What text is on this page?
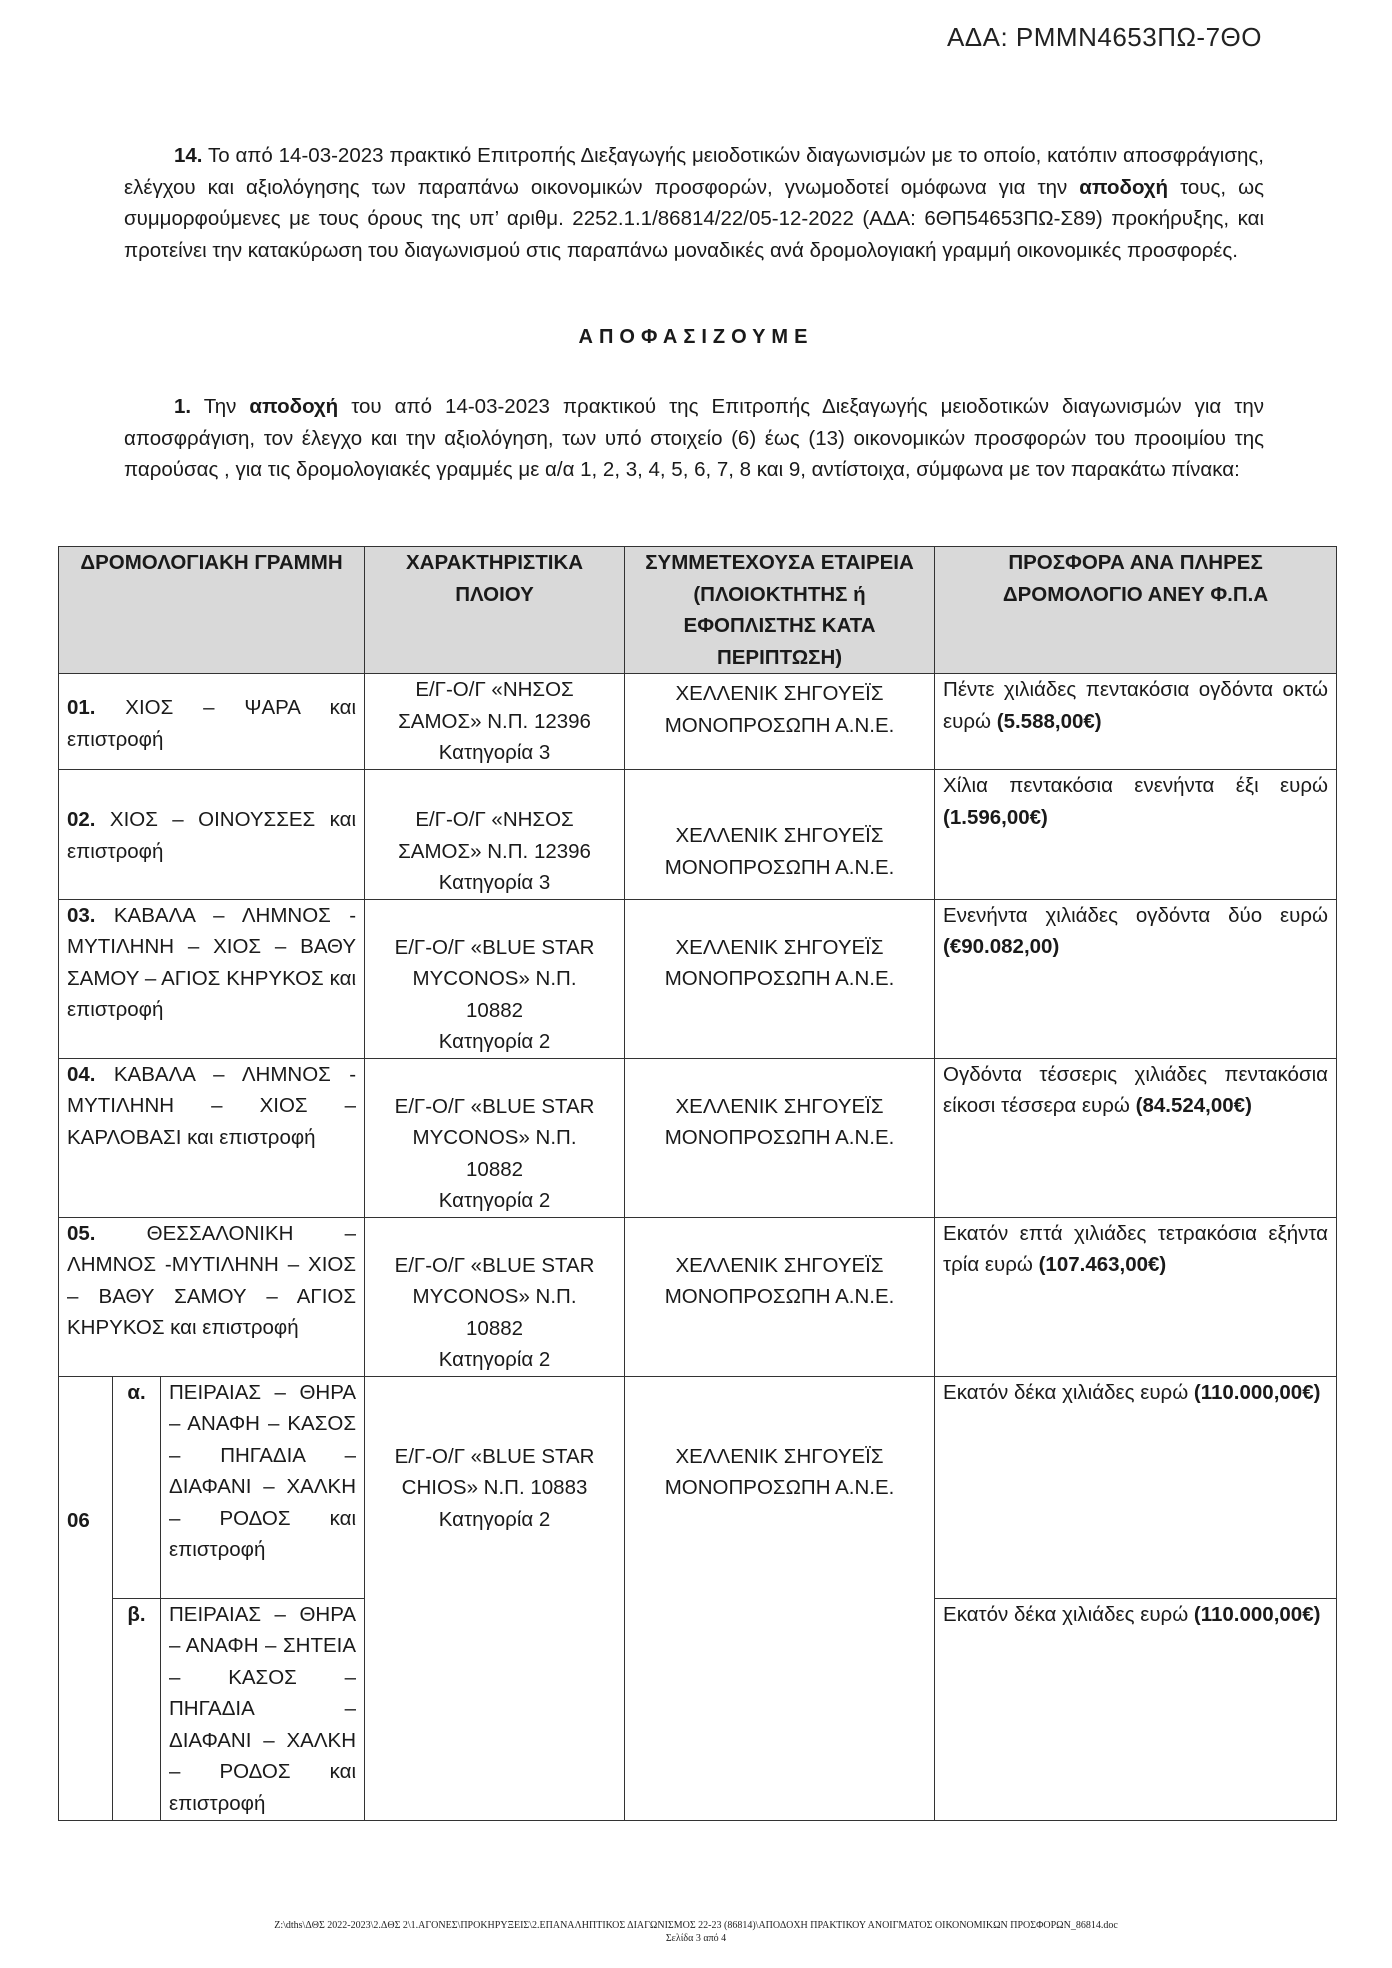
ΑΔΑ: ΡΜΜΝ4653ΠΩ-7ΘΟ
14. Το από 14-03-2023 πρακτικό Επιτροπής Διεξαγωγής μειοδοτικών διαγωνισμών με το οποίο, κατόπιν αποσφράγισης, ελέγχου και αξιολόγησης των παραπάνω οικονομικών προσφορών, γνωμοδοτεί ομόφωνα για την αποδοχή τους, ως συμμορφούμενες με τους όρους της υπ’ αριθμ. 2252.1.1/86814/22/05-12-2022 (ΑΔΑ: 6ΘΠ54653ΠΩ-Σ89) προκήρυξης, και προτείνει την κατακύρωση του διαγωνισμού στις παραπάνω μοναδικές ανά δρομολογιακή γραμμή οικονομικές προσφορές.
ΑΠΟΦΑΣΙΖΟΥΜΕ
1. Την αποδοχή του από 14-03-2023 πρακτικού της Επιτροπής Διεξαγωγής μειοδοτικών διαγωνισμών για την αποσφράγιση, τον έλεγχο και την αξιολόγηση, των υπό στοιχείο (6) έως (13) οικονομικών προσφορών του προοιμίου της παρούσας , για τις δρομολογιακές γραμμές με α/α 1, 2, 3, 4, 5, 6, 7, 8 και 9, αντίστοιχα, σύμφωνα με τον παρακάτω πίνακα:
ΔΡΟΜΟΛΟΓΙΑΚΗ ΓΡΑΜΜΗ			ΧΑΡΑΚΤΗΡΙΣΤΙΚΑ ΠΛΟΙΟΥ	ΣΥΜΜΕΤΕΧΟΥΣΑ ΕΤΑΙΡΕΙΑ (ΠΛΟΙΟΚΤΗΤΗΣ ή ΕΦΟΠΛΙΣΤΗΣ ΚΑΤΑ ΠΕΡΙΠΤΩΣΗ)	ΠΡΟΣΦΟΡΑ ΑΝΑ ΠΛΗΡΕΣ ΔΡΟΜΟΛΟΓΙΟ ΑΝΕΥ Φ.Π.Α
01. ΧΙΟΣ – ΨΑΡΑ και επιστροφή			Ε/Γ-Ο/Γ «ΝΗΣΟΣ
ΣΑΜΟΣ» Ν.Π. 12396
Κατηγορία 3	ΧΕΛΛΕΝΙΚ ΣΗΓΟΥΕΪΣ
ΜΟΝΟΠΡΟΣΩΠΗ Α.Ν.Ε.	Πέντε χιλιάδες πεντακόσια ογδόντα οκτώ ευρώ (5.588,00€)
02. ΧΙΟΣ – ΟΙΝΟΥΣΣΕΣ και επιστροφή			Ε/Γ-Ο/Γ «ΝΗΣΟΣ
ΣΑΜΟΣ» Ν.Π. 12396
Κατηγορία 3	ΧΕΛΛΕΝΙΚ ΣΗΓΟΥΕΪΣ
ΜΟΝΟΠΡΟΣΩΠΗ Α.Ν.Ε.	Χίλια πεντακόσια ενενήντα έξι ευρώ (1.596,00€)
03. ΚΑΒΑΛΑ – ΛΗΜΝΟΣ - ΜΥΤΙΛΗΝΗ – ΧΙΟΣ – ΒΑΘΥ ΣΑΜΟΥ – ΑΓΙΟΣ ΚΗΡΥΚΟΣ και επιστροφή			Ε/Γ-Ο/Γ «BLUE STAR
MYCONOS» Ν.Π.
10882
Κατηγορία 2	ΧΕΛΛΕΝΙΚ ΣΗΓΟΥΕΪΣ
ΜΟΝΟΠΡΟΣΩΠΗ Α.Ν.Ε.	Ενενήντα χιλιάδες ογδόντα δύο ευρώ (€90.082,00)
04. ΚΑΒΑΛΑ – ΛΗΜΝΟΣ - ΜΥΤΙΛΗΝΗ – ΧΙΟΣ – ΚΑΡΛΟΒΑΣΙ και επιστροφή			Ε/Γ-Ο/Γ «BLUE STAR
MYCONOS» Ν.Π.
10882
Κατηγορία 2	ΧΕΛΛΕΝΙΚ ΣΗΓΟΥΕΪΣ
ΜΟΝΟΠΡΟΣΩΠΗ Α.Ν.Ε.	Ογδόντα τέσσερις χιλιάδες πεντακόσια είκοσι τέσσερα ευρώ (84.524,00€)
05. ΘΕΣΣΑΛΟΝΙΚΗ – ΛΗΜΝΟΣ -ΜΥΤΙΛΗΝΗ – ΧΙΟΣ – ΒΑΘΥ ΣΑΜΟΥ – ΑΓΙΟΣ ΚΗΡΥΚΟΣ και επιστροφή			Ε/Γ-Ο/Γ «BLUE STAR
MYCONOS» Ν.Π.
10882
Κατηγορία 2	ΧΕΛΛΕΝΙΚ ΣΗΓΟΥΕΪΣ
ΜΟΝΟΠΡΟΣΩΠΗ Α.Ν.Ε.	Εκατόν επτά χιλιάδες τετρακόσια εξήντα τρία ευρώ (107.463,00€)
06	α.	ΠΕΙΡΑΙΑΣ – ΘΗΡΑ – ΑΝΑΦΗ – ΚΑΣΟΣ – ΠΗΓΑΔΙΑ – ΔΙΑΦΑΝΙ – ΧΑΛΚΗ – ΡΟΔΟΣ και επιστροφή	Ε/Γ-Ο/Γ «BLUE STAR
CHIOS» Ν.Π. 10883
Κατηγορία 2	ΧΕΛΛΕΝΙΚ ΣΗΓΟΥΕΪΣ
ΜΟΝΟΠΡΟΣΩΠΗ Α.Ν.Ε.	Εκατόν δέκα χιλιάδες ευρώ (110.000,00€)
	β.	ΠΕΙΡΑΙΑΣ – ΘΗΡΑ – ΑΝΑΦΗ – ΣΗΤΕΙΑ – ΚΑΣΟΣ – ΠΗΓΑΔΙΑ – ΔΙΑΦΑΝΙ – ΧΑΛΚΗ – ΡΟΔΟΣ και επιστροφή			Εκατόν δέκα χιλιάδες ευρώ (110.000,00€)
Z:\dths\ΔΘΣ 2022-2023\2.ΔΘΣ 2\1.ΑΓΟΝΕΣ\ΠΡΟΚΗΡΥΞΕΙΣ\2.ΕΠΑΝΑΛΗΠΤΙΚΟΣ ΔΙΑΓΩΝΙΣΜΟΣ 22-23 (86814)\ΑΠΟΔΟΧΗ ΠΡΑΚΤΙΚΟΥ ΑΝΟΙΓΜΑΤΟΣ ΟΙΚΟΝΟΜΙΚΩΝ ΠΡΟΣΦΟΡΩΝ_86814.doc
Σελίδα 3 από 4
